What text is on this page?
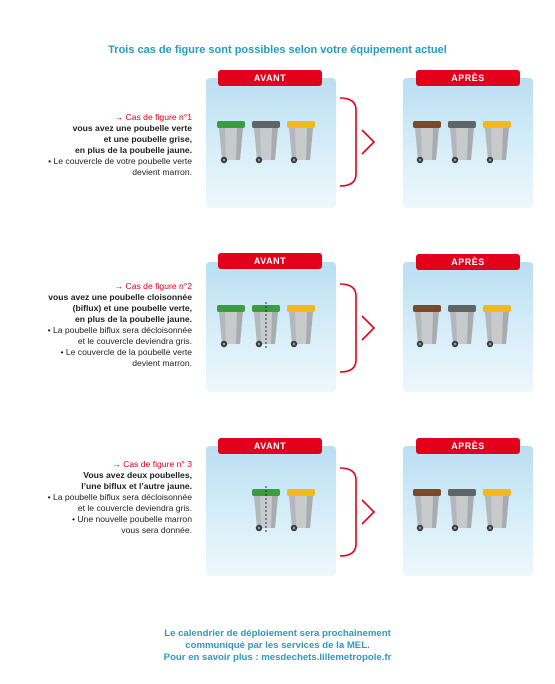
Trois cas de figure sont possibles selon votre équipement actuel
→ Cas de figure n°1
vous avez une poubelle verte
et une poubelle grise,
en plus de la poubelle jaune.
• Le couvercle de votre poubelle verte
devient marron.
AVANT	APRÈS
→ Cas de figure n°2
vous avez une poubelle cloisonnée
(biflux) et une poubelle verte,
en plus de la poubelle jaune.
• La poubelle biflux sera décloisonnée
et le couvercle deviendra gris.
• Le couvercle de la poubelle verte
devient marron.
AVANT	APRÈS
→ Cas de figure n° 3
Vous avez deux poubelles,
l’une biflux et l’autre jaune.
• La poubelle biflux sera décloisonnée
et le couvercle deviendra gris.
• Une nouvelle poubelle marron
vous sera donnée.
AVANT	APRÈS
Le calendrier de déploiement sera prochainement
communiqué par les services de la MEL.
Pour en savoir plus : mesdechets.lillemetropole.fr
